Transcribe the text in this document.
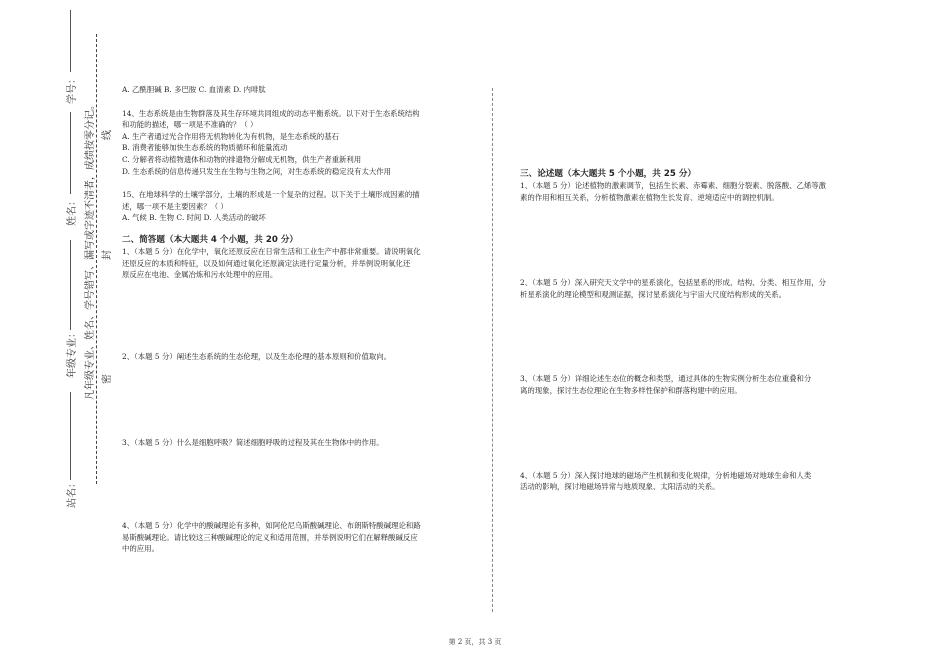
学号：
姓名：
年级专业：
站名：
凡年级专业、姓名、学号错写、漏写或字迹不清者，成绩按零分记。 密
封
线
A. 乙酰胆碱 B. 多巴胺 C. 血清素 D. 内啡肽
14、生态系统是由生物群落及其生存环境共同组成的动态平衡系统。以下对于生态系统结构
和功能的描述，哪一项是不准确的？（ ）
A. 生产者通过光合作用将无机物转化为有机物，是生态系统的基石
B. 消费者能够加快生态系统的物质循环和能量流动
C. 分解者将动植物遗体和动物的排遗物分解成无机物，供生产者重新利用
D. 生态系统的信息传递只发生在生物与生物之间，对生态系统的稳定没有太大作用
15、在地球科学的土壤学部分，土壤的形成是一个复杂的过程。以下关于土壤形成因素的描
述，哪一项不是主要因素？（ ）
A. 气候 B. 生物 C. 时间 D. 人类活动的破坏
二、简答题（本大题共 4 个小题，共 20 分）
1、（本题 5 分）在化学中，氧化还原反应在日常生活和工业生产中都非常重要。请说明氧化
还原反应的本质和特征，以及如何通过氧化还原滴定法进行定量分析，并举例说明氧化还
原反应在电池、金属冶炼和污水处理中的应用。
2、（本题 5 分）阐述生态系统的生态伦理，以及生态伦理的基本原则和价值取向。
3、（本题 5 分）什么是细胞呼吸？简述细胞呼吸的过程及其在生物体中的作用。
4、（本题 5 分）化学中的酸碱理论有多种，如阿伦尼乌斯酸碱理论、布朗斯特酸碱理论和路
易斯酸碱理论。请比较这三种酸碱理论的定义和适用范围，并举例说明它们在解释酸碱反应
中的应用。
三、论述题（本大题共 5 个小题，共 25 分）
1、（本题 5 分）论述植物的激素调节，包括生长素、赤霉素、细胞分裂素、脱落酸、乙烯等激
素的作用和相互关系，分析植物激素在植物生长发育、逆境适应中的调控机制。
2、（本题 5 分）深入研究天文学中的星系演化，包括星系的形成、结构、分类、相互作用，分
析星系演化的理论模型和观测证据，探讨星系演化与宇宙大尺度结构形成的关系。
3、（本题 5 分）详细论述生态位的概念和类型，通过具体的生物实例分析生态位重叠和分
离的现象，探讨生态位理论在生物多样性保护和群落构建中的应用。
4、（本题 5 分）深入探讨地球的磁场产生机制和变化规律，分析地磁场对地球生命和人类
活动的影响，探讨地磁场异常与地质现象、太阳活动的关系。
第 2 页，共 3 页
